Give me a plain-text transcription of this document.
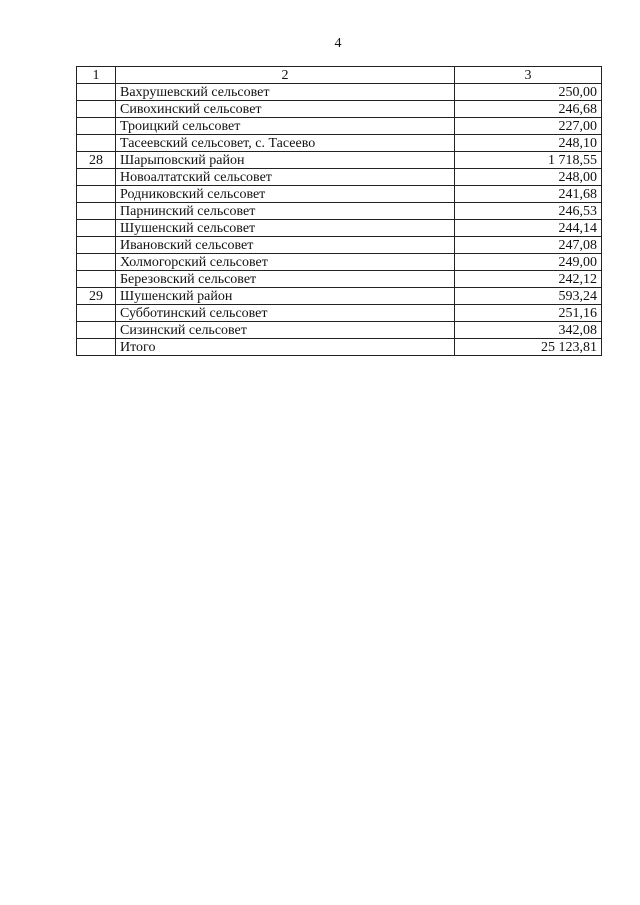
4
1	2	3
	Вахрушевский сельсовет	250,00
	Сивохинский сельсовет	246,68
	Троицкий сельсовет	227,00
	Тасеевский сельсовет, с. Тасеево	248,10
28	Шарыповский район	1 718,55
	Новоалтатский сельсовет	248,00
	Родниковский сельсовет	241,68
	Парнинский сельсовет	246,53
	Шушенский сельсовет	244,14
	Ивановский сельсовет	247,08
	Холмогорский сельсовет	249,00
	Березовский сельсовет	242,12
29	Шушенский район	593,24
	Субботинский сельсовет	251,16
	Сизинский сельсовет	342,08
	Итого	25 123,81
